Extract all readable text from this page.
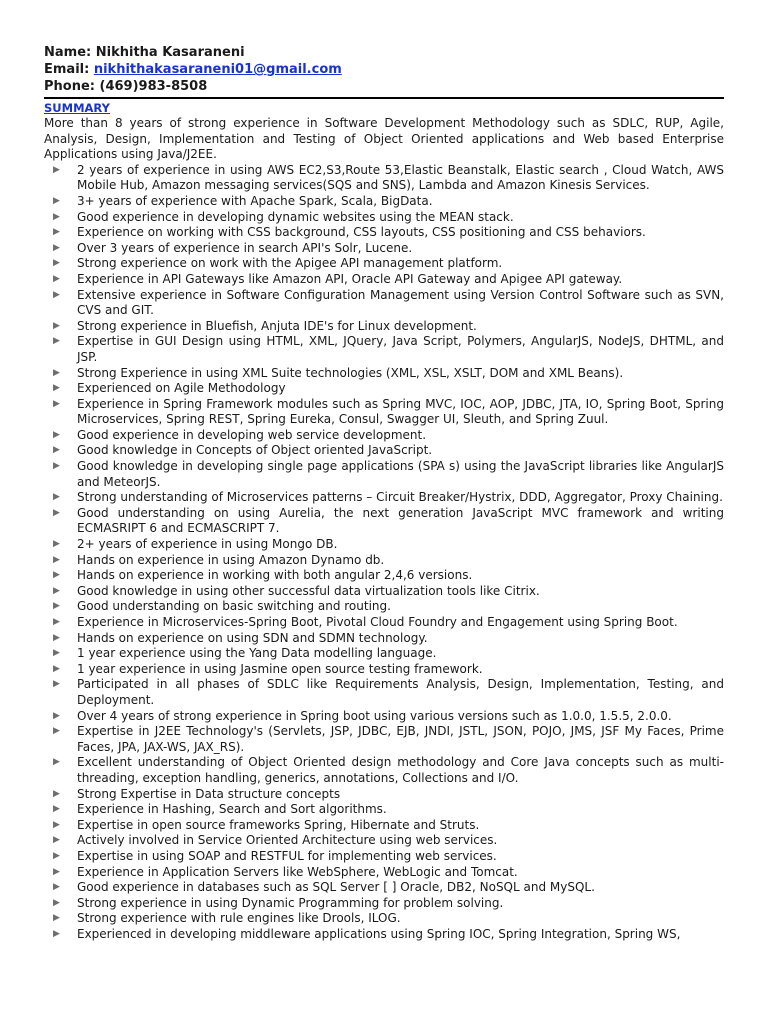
Name: Nikhitha Kasaraneni
Email: nikhithakasaraneni01@gmail.com
Phone: (469)983-8508
SUMMARY

More than 8 years of strong experience in Software Development Methodology such as SDLC, RUP, Agile, Analysis, Design, Implementation and Testing of Object Oriented applications and Web based Enterprise Applications using Java/J2EE.

▶ 2 years of experience in using AWS EC2,S3,Route 53,Elastic Beanstalk, Elastic search , Cloud Watch, AWS Mobile Hub, Amazon messaging services(SQS and SNS), Lambda and Amazon Kinesis Services.
▶ 3+ years of experience with Apache Spark, Scala, BigData.
▶ Good experience in developing dynamic websites using the MEAN stack.
▶ Experience on working with CSS background, CSS layouts, CSS positioning and CSS behaviors.
▶ Over 3 years of experience in search API's Solr, Lucene.
▶ Strong experience on work with the Apigee API management platform.
▶ Experience in API Gateways like Amazon API, Oracle API Gateway and Apigee API gateway.
▶ Extensive experience in Software Configuration Management using Version Control Software such as SVN, CVS and GIT.
▶ Strong experience in Bluefish, Anjuta IDE's for Linux development.
▶ Expertise in GUI Design using HTML, XML, JQuery, Java Script, Polymers, AngularJS, NodeJS, DHTML, and JSP.
▶ Strong Experience in using XML Suite technologies (XML, XSL, XSLT, DOM and XML Beans).
▶ Experienced on Agile Methodology
▶ Experience in Spring Framework modules such as Spring MVC, IOC, AOP, JDBC, JTA, IO, Spring Boot, Spring Microservices, Spring REST, Spring Eureka, Consul, Swagger UI, Sleuth, and Spring Zuul.
▶ Good experience in developing web service development.
▶ Good knowledge in Concepts of Object oriented JavaScript.
▶ Good knowledge in developing single page applications (SPA s) using the JavaScript libraries like AngularJS and MeteorJS.
▶ Strong understanding of Microservices patterns – Circuit Breaker/Hystrix, DDD, Aggregator, Proxy Chaining.
▶ Good understanding on using Aurelia, the next generation JavaScript MVC framework and writing ECMASRIPT 6 and ECMASCRIPT 7.
▶ 2+ years of experience in using Mongo DB.
▶ Hands on experience in using Amazon Dynamo db.
▶ Hands on experience in working with both angular 2,4,6 versions.
▶ Good knowledge in using other successful data virtualization tools like Citrix.
▶ Good understanding on basic switching and routing.
▶ Experience in Microservices-Spring Boot, Pivotal Cloud Foundry and Engagement using Spring Boot.
▶ Hands on experience on using SDN and SDMN technology.
▶ 1 year experience using the Yang Data modelling language.
▶ 1 year experience in using Jasmine open source testing framework.
▶ Participated in all phases of SDLC like Requirements Analysis, Design, Implementation, Testing, and Deployment.
▶ Over 4 years of strong experience in Spring boot using various versions such as 1.0.0, 1.5.5, 2.0.0.
▶ Expertise in J2EE Technology's (Servlets, JSP, JDBC, EJB, JNDI, JSTL, JSON, POJO, JMS, JSF My Faces, Prime Faces, JPA, JAX-WS, JAX_RS).
▶ Excellent understanding of Object Oriented design methodology and Core Java concepts such as multi- threading, exception handling, generics, annotations, Collections and I/O.
▶ Strong Expertise in Data structure concepts
▶ Experience in Hashing, Search and Sort algorithms.
▶ Expertise in open source frameworks Spring, Hibernate and Struts.
▶ Actively involved in Service Oriented Architecture using web services.
▶ Expertise in using SOAP and RESTFUL for implementing web services.
▶ Experience in Application Servers like WebSphere, WebLogic and Tomcat.
▶ Good experience in databases such as SQL Server [ ] Oracle, DB2, NoSQL and MySQL.
▶ Strong experience in using Dynamic Programming for problem solving.
▶ Strong experience with rule engines like Drools, ILOG.
▶ Experienced in developing middleware applications using Spring IOC, Spring Integration, Spring WS,
